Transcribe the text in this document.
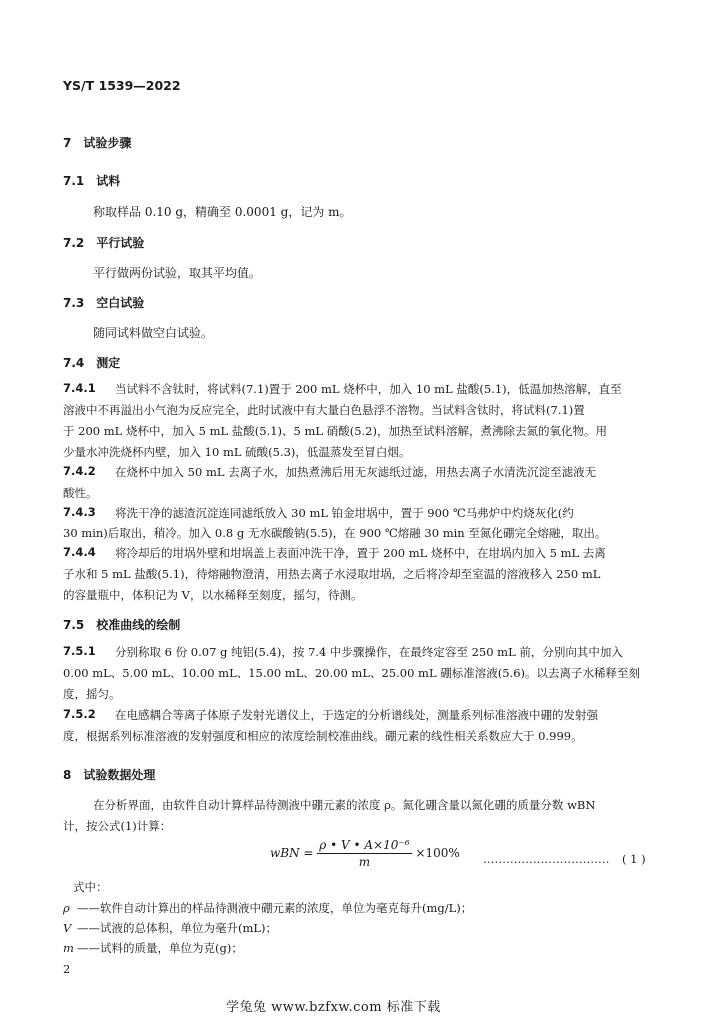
YS/T 1539—2022
7　试验步骤
7.1　试料
称取样品 0.10 g，精确至 0.0001 g，记为 m。
7.2　平行试验
平行做两份试验，取其平均值。
7.3　空白试验
随同试料做空白试验。
7.4　测定
7.4.1 当试料不含钛时，将试料(7.1)置于 200 mL 烧杯中，加入 10 mL 盐酸(5.1)，低温加热溶解，直至
溶液中不再溢出小气泡为反应完全，此时试液中有大量白色悬浮不溶物。当试料含钛时，将试料(7.1)置
于 200 mL 烧杯中，加入 5 mL 盐酸(5.1)、5 mL 硝酸(5.2)，加热至试料溶解，煮沸除去氮的氧化物。用
少量水冲洗烧杯内壁，加入 10 mL 硫酸(5.3)，低温蒸发至冒白烟。
7.4.2 在烧杯中加入 50 mL 去离子水，加热煮沸后用无灰滤纸过滤，用热去离子水清洗沉淀至滤液无
酸性。
7.4.3 将洗干净的滤渣沉淀连同滤纸放入 30 mL 铂金坩埚中，置于 900 ℃马弗炉中灼烧灰化(约
30 min)后取出，稍冷。加入 0.8 g 无水碳酸钠(5.5)，在 900 ℃熔融 30 min 至氮化硼完全熔融，取出。
7.4.4 将冷却后的坩埚外壁和坩埚盖上表面冲洗干净，置于 200 mL 烧杯中，在坩埚内加入 5 mL 去离
子水和 5 mL 盐酸(5.1)，待熔融物澄清，用热去离子水浸取坩埚，之后将冷却至室温的溶液移入 250 mL
的容量瓶中，体积记为 V，以水稀释至刻度，摇匀，待测。
7.5　校准曲线的绘制
7.5.1 分别称取 6 份 0.07 g 纯铝(5.4)，按 7.4 中步骤操作，在最终定容至 250 mL 前，分别向其中加入
0.00 mL、5.00 mL、10.00 mL、15.00 mL、20.00 mL、25.00 mL 硼标准溶液(5.6)。以去离子水稀释至刻
度，摇匀。
7.5.2 在电感耦合等离子体原子发射光谱仪上，于选定的分析谱线处，测量系列标准溶液中硼的发射强
度，根据系列标准溶液的发射强度和相应的浓度绘制校准曲线。硼元素的线性相关系数应大于 0.999。
8　试验数据处理
在分析界面，由软件自动计算样品待测液中硼元素的浓度 ρ。氮化硼含量以氮化硼的质量分数 wBN
计，按公式(1)计算：
wBN = $\frac{\text{ρ • V • A×10⁻⁶}}{m} \times 100\%$ …………………………… ( 1 )
式中：
ρ ——软件自动计算出的样品待测液中硼元素的浓度，单位为毫克每升(mg/L)；
V ——试液的总体积，单位为毫升(mL)；
m ——试料的质量，单位为克(g)；
2
学兔兔 www.bzfxw.com 标准下载
